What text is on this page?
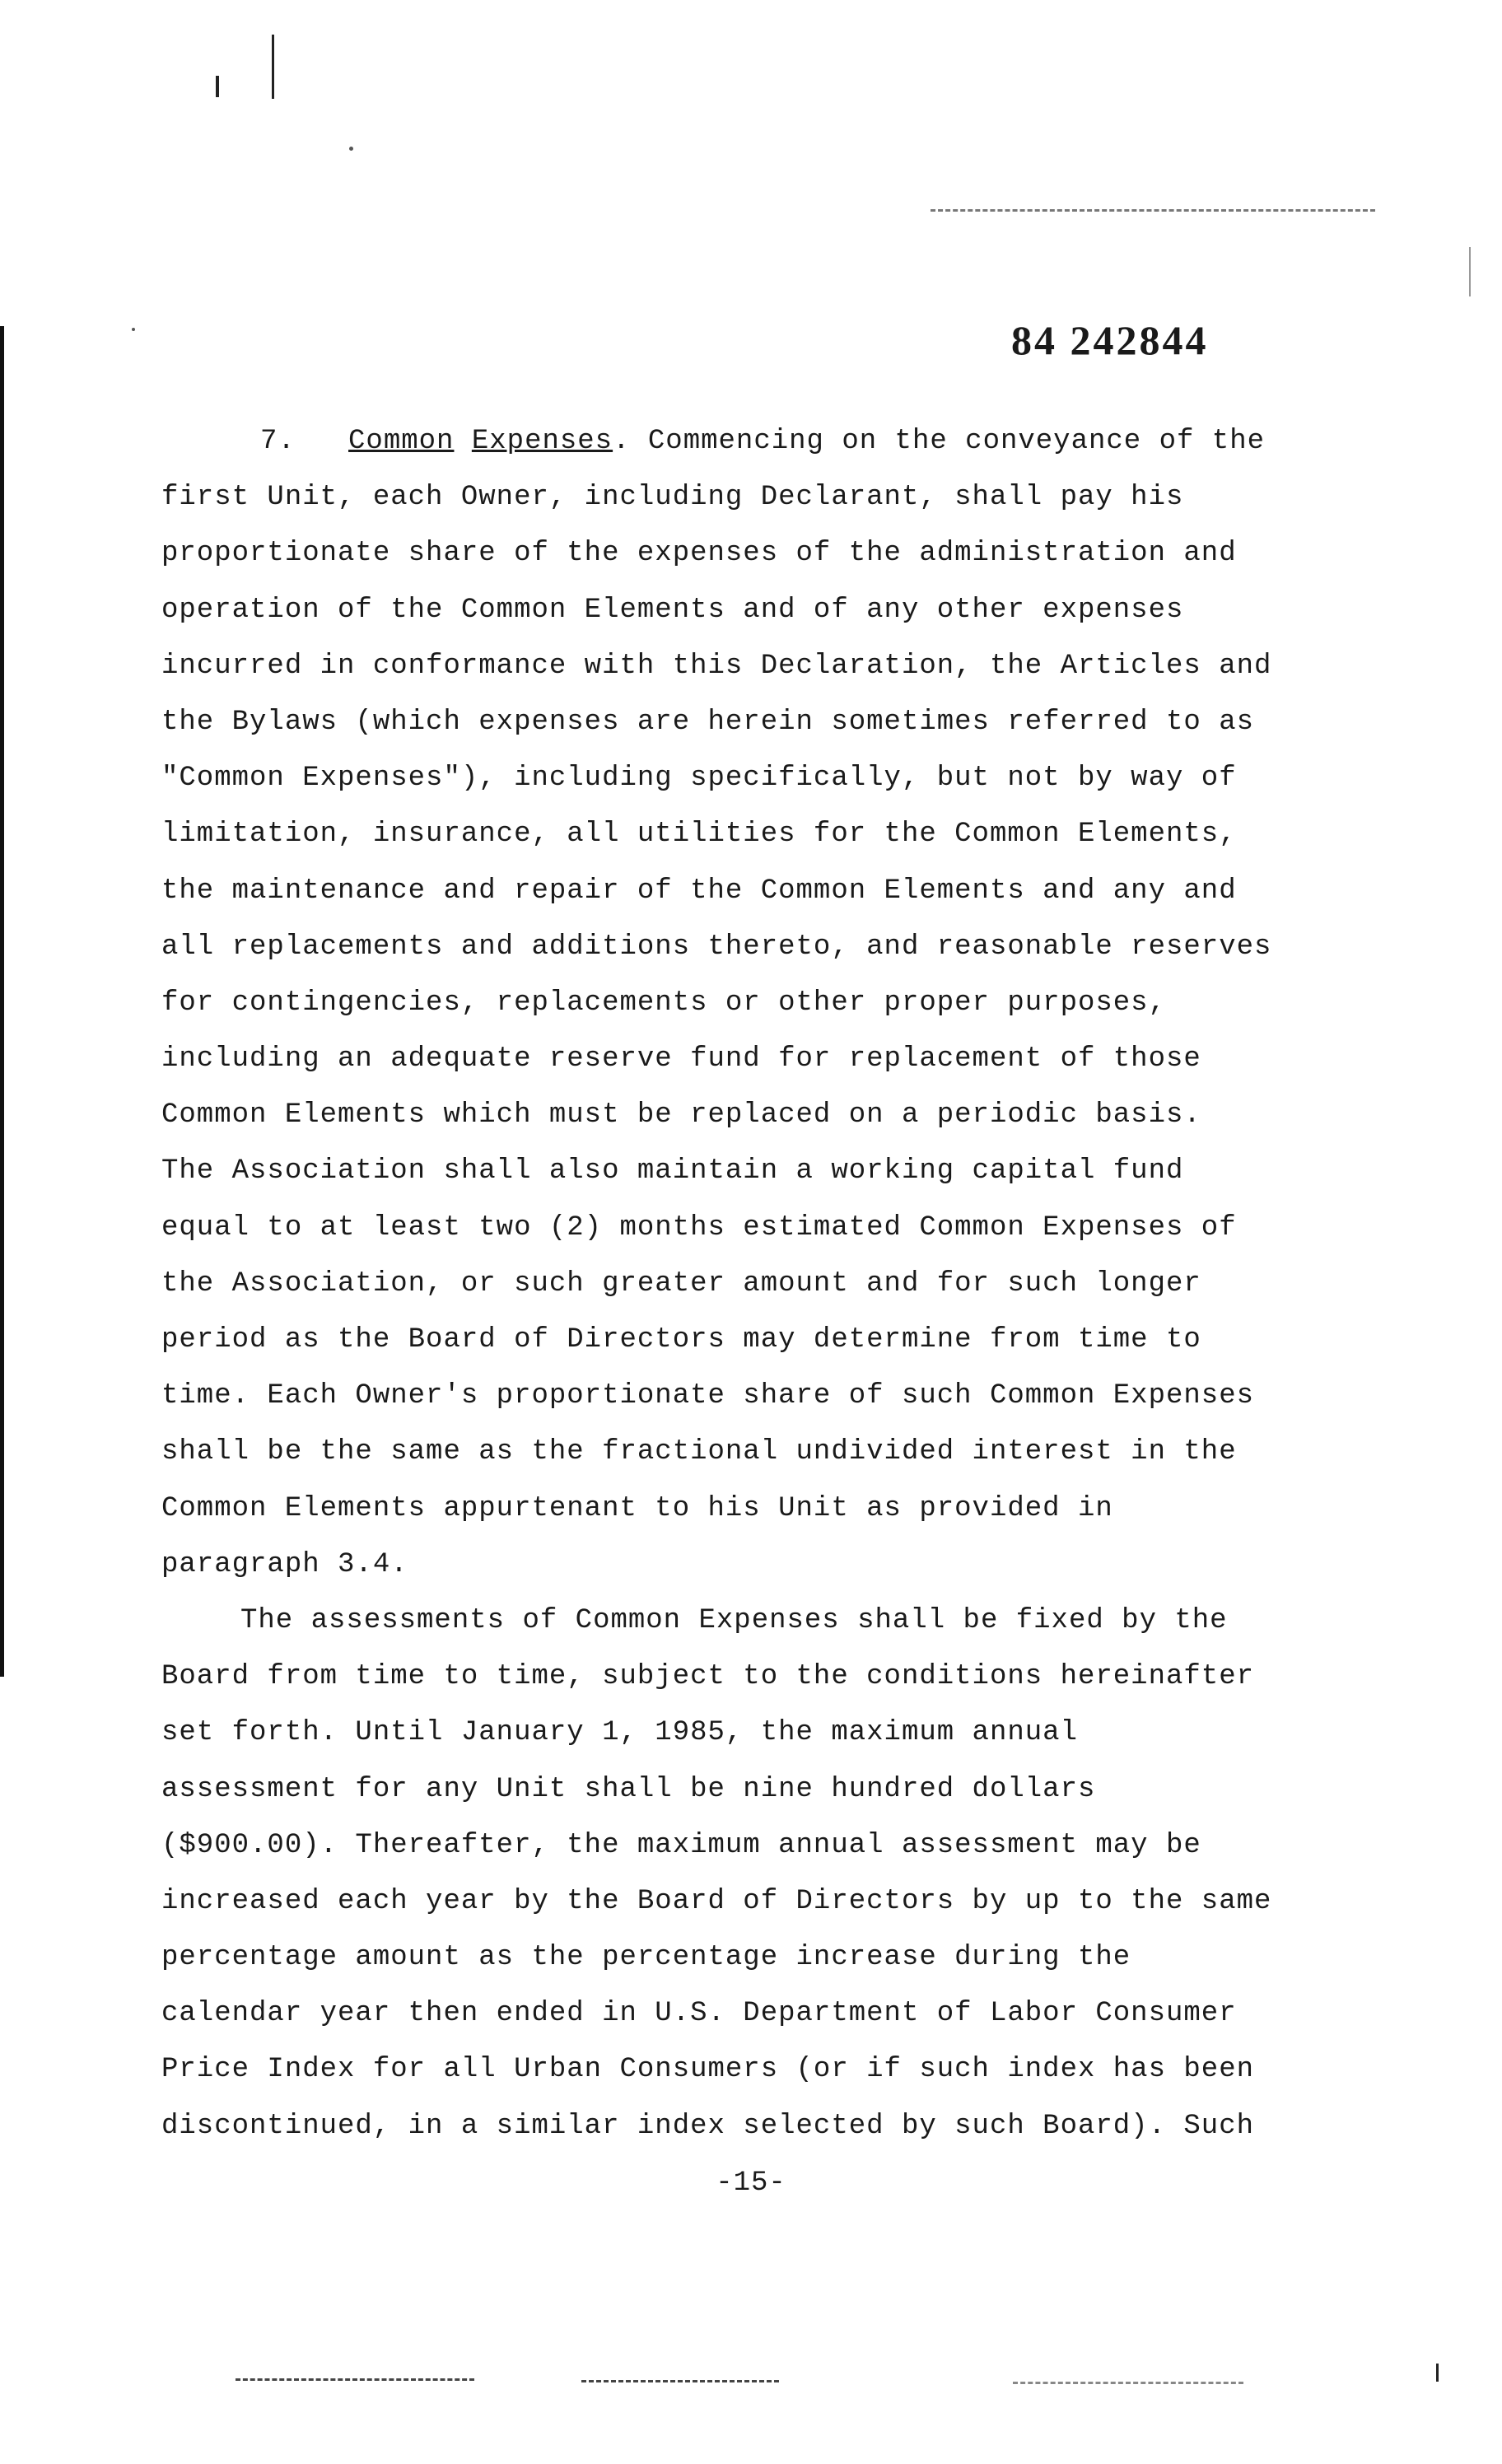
84 242844
7. Common Expenses. Commencing on the conveyance of the
first Unit, each Owner, including Declarant, shall pay his
proportionate share of the expenses of the administration and
operation of the Common Elements and of any other expenses
incurred in conformance with this Declaration, the Articles and
the Bylaws (which expenses are herein sometimes referred to as
"Common Expenses"), including specifically, but not by way of
limitation, insurance, all utilities for the Common Elements,
the maintenance and repair of the Common Elements and any and
all replacements and additions thereto, and reasonable reserves
for contingencies, replacements or other proper purposes,
including an adequate reserve fund for replacement of those
Common Elements which must be replaced on a periodic basis.
The Association shall also maintain a working capital fund
equal to at least two (2) months estimated Common Expenses of
the Association, or such greater amount and for such longer
period as the Board of Directors may determine from time to
time. Each Owner's proportionate share of such Common Expenses
shall be the same as the fractional undivided interest in the
Common Elements appurtenant to his Unit as provided in
paragraph 3.4.
The assessments of Common Expenses shall be fixed by the
Board from time to time, subject to the conditions hereinafter
set forth. Until January 1, 1985, the maximum annual
assessment for any Unit shall be nine hundred dollars
($900.00). Thereafter, the maximum annual assessment may be
increased each year by the Board of Directors by up to the same
percentage amount as the percentage increase during the
calendar year then ended in U.S. Department of Labor Consumer
Price Index for all Urban Consumers (or if such index has been
discontinued, in a similar index selected by such Board). Such
-15-
